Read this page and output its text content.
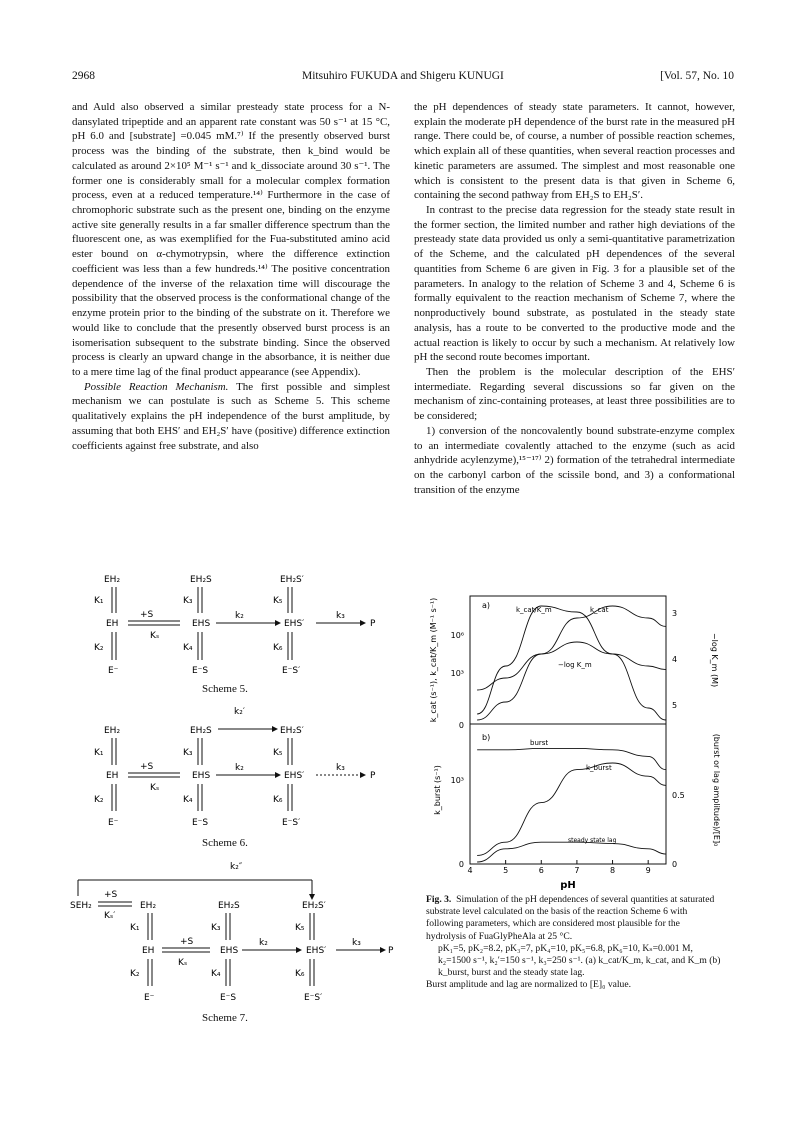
2968	Mitsuhiro FUKUDA and Shigeru KUNUGI	[Vol. 57, No. 10

and Auld also observed a similar presteady state process for a N-dansylated tripeptide and an apparent rate constant was 50 s⁻¹ at 15 °C, pH 6.0 and [substrate] =0.045 mM.⁷⁾ If the presently observed burst process was the binding of the substrate, then k_bind would be calculated as around 2×10⁵ M⁻¹ s⁻¹ and k_dissociate around 30 s⁻¹. The former one is considerably small for a molecular complex formation process, even at a reduced temperature.¹⁴⁾ Furthermore in the case of chromophoric substrate such as the present one, binding on the enzyme active site generally results in a far smaller difference spectrum than the fluorescent one, as was exemplified for the Fua-substituted amino acid ester bound on α-chymotrypsin, where the difference extinction coefficient was less than a few hundreds.¹⁴⁾ The positive concentration dependence of the inverse of the relaxation time will discourage the possibility that the observed process is the conformational change of the enzyme protein prior to the binding of the substrate on it. Therefore we would like to conclude that the presently observed burst process is an isomerisation subsequent to the substrate binding. Since the observed process is clearly an upward change in the absorbance, it is neither due to a mere time lag of the final product appearance (see Appendix).

Possible Reaction Mechanism. The first possible and simplest mechanism we can postulate is such as Scheme 5. This scheme qualitatively explains the pH independence of the burst amplitude, by assuming that both EHS′ and EH₂S′ have (positive) difference extinction coefficients against free substrate, and also

the pH dependences of steady state parameters. It cannot, however, explain the moderate pH dependence of the burst rate in the measured pH range. There could be, of course, a number of possible reaction schemes, which explain all of these quantities, when several reaction processes and kinetic parameters are assumed. The simplest and most reasonable one which is consistent to the present data is that given in Scheme 6, containing the second pathway from EH₂S to EH₂S′.

In contrast to the precise data regression for the steady state result in the former section, the limited number and rather high deviations of the presteady state data provided us only a semi-quantitative parametrization of the Scheme, and the calculated pH dependences of the several quantities from Scheme 6 are given in Fig. 3 for a plausible set of the parameters. In analogy to the relation of Scheme 3 and 4, Scheme 6 is formally equivalent to the reaction mechanism of Scheme 7, where the nonproductively bound substrate, as postulated in the steady state analysis, has a route to be converted to the productive mode and the actual reaction is likely to occur by such a mechanism. At relatively low pH the second route becomes important.

Then the problem is the molecular description of the EHS′ intermediate. Regarding several discussions so far given on the mechanism of zinc-containing proteases, at least three possibilities are to be considered;

1) conversion of the noncovalently bound substrate-enzyme complex to an intermediate covalently attached to the enzyme (such as acid anhydride acylenzyme),¹⁵⁻¹⁷⁾ 2) formation of the tetrahedral intermediate on the carbonyl carbon of the scissile bond, and 3) a conformational transition of the enzyme

EH₂	EH₂S	EH₂S′
K₁	K₃	K₅
EH
+S
Kₛ
EHS
k₂
EHS′
k₃
P
K₂	K₄	K₆
E⁻	E⁻S	E⁻S′
Scheme 5.
k₂′
EH₂	EH₂S	EH₂S′
K₁	K₃	K₅
EH
+S
Kₛ
EHS
k₂
EHS′
k₃
P
K₂	K₄	K₆
E⁻	E⁻S	E⁻S′
Scheme 6.
k₂″
SEH₂
+S
Kₛ′
EH₂	EH₂S	EH₂S′
K₁	K₃	K₅
EH
+S
Kₛ
EHS
k₂
EHS′
k₃
P
K₂	K₄	K₆
E⁻	E⁻S	E⁻S′
Scheme 7.
a)
b)
k_cat (s⁻¹), k_cat/K_m (M⁻¹ s⁻¹)	−log K_m (M)
k_burst (s⁻¹)	(burst or lag amplitude)/[E]₀
pH
10⁶
10³
0
3
4
5
10³
0
0.5
0
4	5	6	7	8	9
k_cat/K_m	k_cat
−log K_m
burst
k_burst
steady state lag

Fig. 3. Simulation of the pH dependences of several quantities at saturated substrate level calculated on the basis of the reaction Scheme 6 with following parameters, which are considered most plausible for the hydrolysis of FuaGlyPheAla at 25 °C.

pK₁=5, pK₂=8.2, pK₃=7, pK₄=10, pK₅=6.8, pK₆=10, Kₛ=0.001 M, k₂=1500 s⁻¹, k₂′=150 s⁻¹, k₃=250 s⁻¹. (a) k_cat/K_m, k_cat, and K_m (b) k_burst, burst and the steady state lag.

Burst amplitude and lag are normalized to [E]₀ value.
